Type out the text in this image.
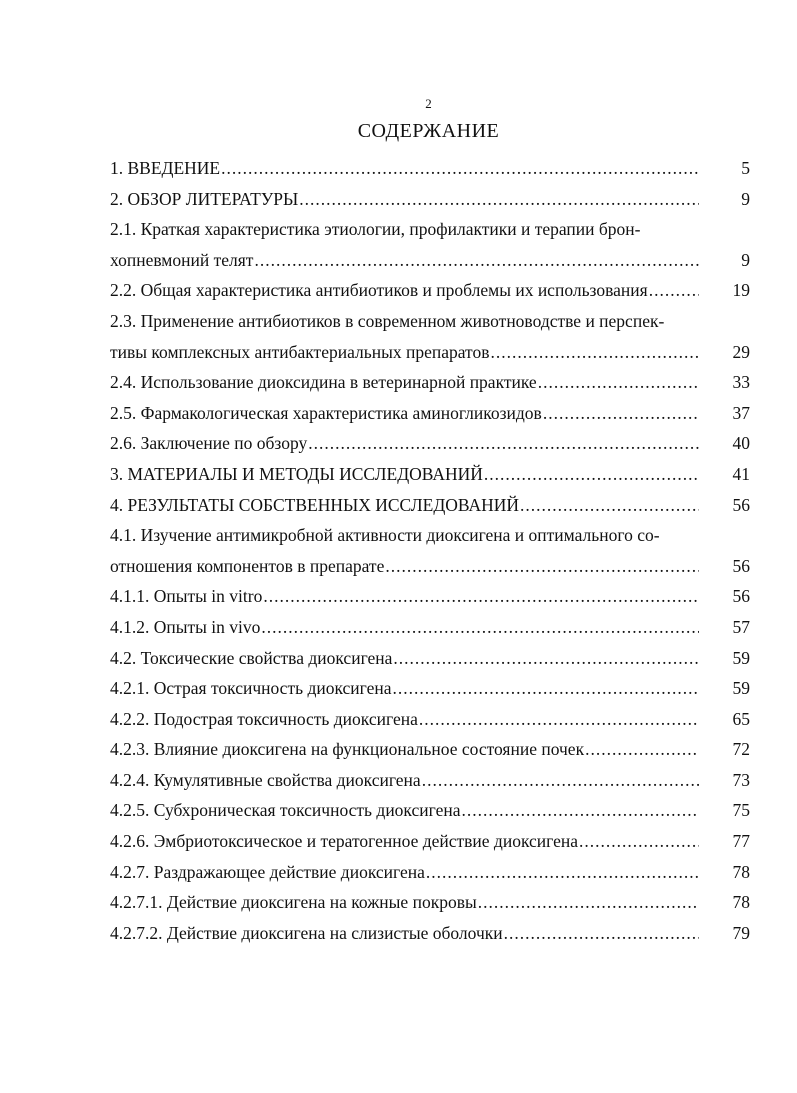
2
СОДЕРЖАНИЕ
1. ВВЕДЕНИЕ .....	5
2. ОБЗОР ЛИТЕРАТУРЫ .....	9
2.1. Краткая характеристика этиологии, профилактики и терапии брон-
хопневмоний телят .....	9
2.2. Общая характеристика антибиотиков и проблемы их использования .....	19
2.3. Применение антибиотиков в современном животноводстве и перспек-
тивы комплексных антибактериальных препаратов .....	29
2.4. Использование диоксидина в ветеринарной практике .....	33
2.5. Фармакологическая характеристика аминогликозидов .....	37
2.6. Заключение по обзору .....	40
3. МАТЕРИАЛЫ И МЕТОДЫ ИССЛЕДОВАНИЙ .....	41
4. РЕЗУЛЬТАТЫ СОБСТВЕННЫХ ИССЛЕДОВАНИЙ .....	56
4.1. Изучение антимикробной активности диоксигена и оптимального со-
отношения компонентов в препарате .....	56
4.1.1. Опыты in vitro .....	56
4.1.2. Опыты in vivo .....	57
4.2. Токсические свойства диоксигена .....	59
4.2.1. Острая токсичность диоксигена .....	59
4.2.2. Подострая токсичность диоксигена .....	65
4.2.3. Влияние диоксигена на функциональное состояние почек .....	72
4.2.4. Кумулятивные свойства диоксигена .....	73
4.2.5. Субхроническая токсичность диоксигена .....	75
4.2.6. Эмбриотоксическое и тератогенное действие диоксигена .....	77
4.2.7. Раздражающее действие диоксигена .....	78
4.2.7.1. Действие диоксигена на кожные покровы .....	78
4.2.7.2. Действие диоксигена на слизистые оболочки .....	79
